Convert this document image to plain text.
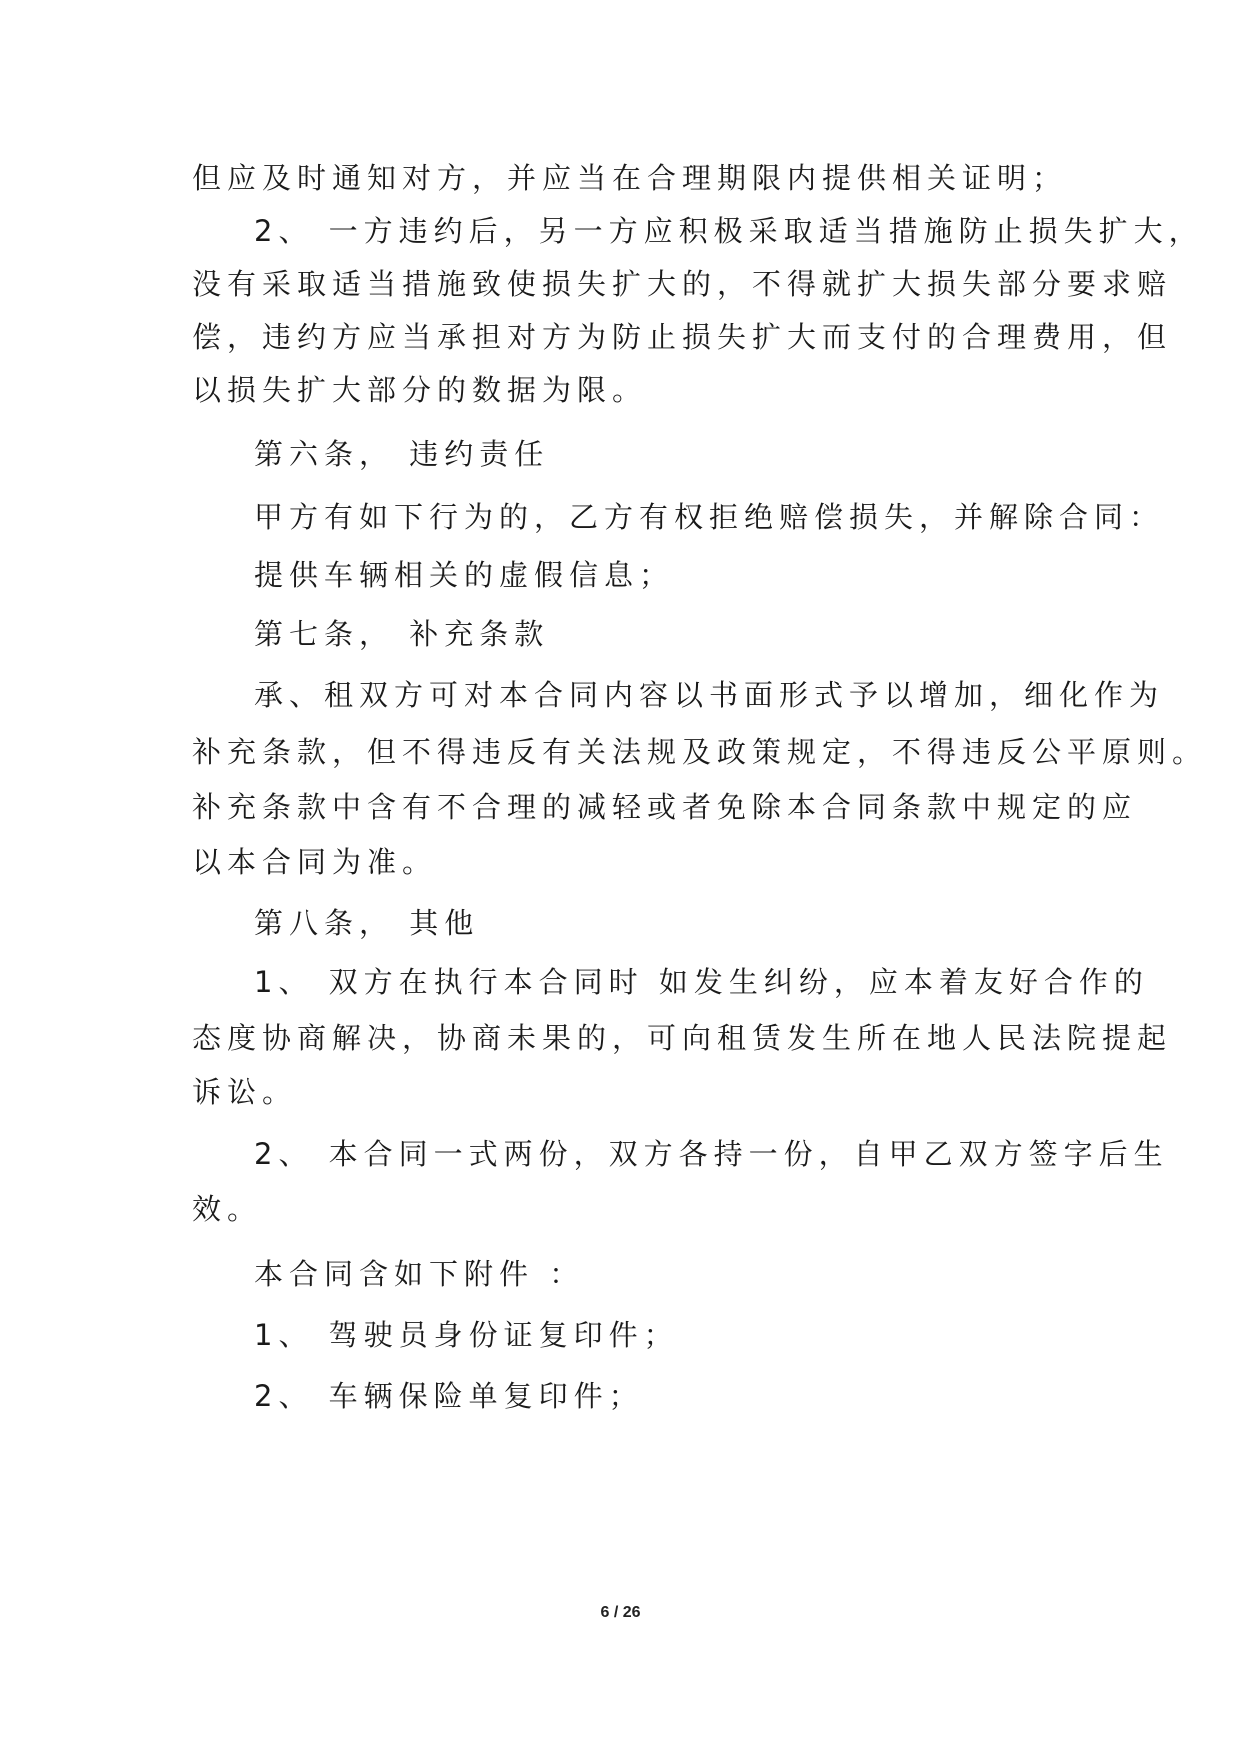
但应及时通知对方，并应当在合理期限内提供相关证明；
2、 一方违约后，另一方应积极采取适当措施防止损失扩大，
没有采取适当措施致使损失扩大的，不得就扩大损失部分要求赔
偿，违约方应当承担对方为防止损失扩大而支付的合理费用，但
以损失扩大部分的数据为限。
第六条， 违约责任
甲方有如下行为的，乙方有权拒绝赔偿损失，并解除合同：
提供车辆相关的虚假信息；
第七条， 补充条款
承、租双方可对本合同内容以书面形式予以增加，细化作为
补充条款，但不得违反有关法规及政策规定，不得违反公平原则。
补充条款中含有不合理的减轻或者免除本合同条款中规定的应
以本合同为准。
第八条， 其他
1、 双方在执行本合同时 如发生纠纷，应本着友好合作的
态度协商解决，协商未果的，可向租赁发生所在地人民法院提起
诉讼。
2、 本合同一式两份，双方各持一份，自甲乙双方签字后生
效。
本合同含如下附件 ：
1、 驾驶员身份证复印件；
2、 车辆保险单复印件；
6 / 26
